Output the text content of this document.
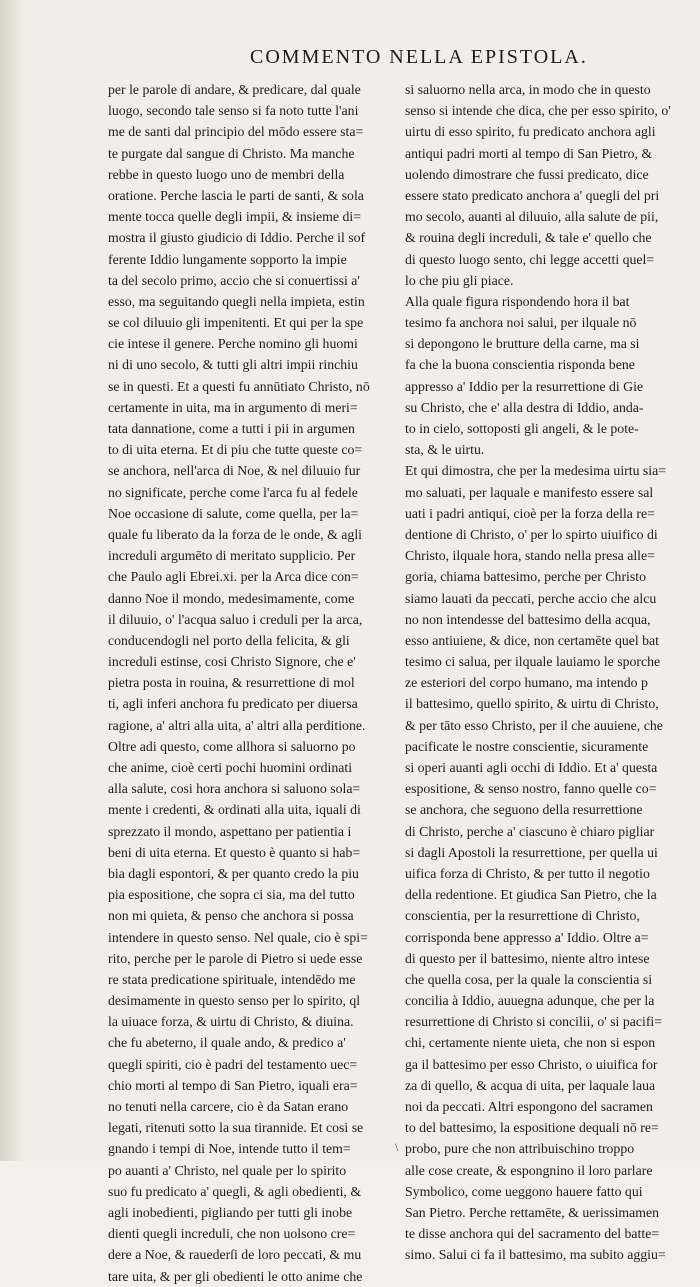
COMMENTO NELLA EPISTOLA.
per le parole di andare, & predicare, dal quale
luogo, secondo tale senso si fa noto tutte l'ani
me de santi dal principio del mōdo essere sta=
te purgate dal sangue di Christo. Ma manche
rebbe in questo luogo uno de membri della
oratione. Perche lascia le parti de santi, & sola
mente tocca quelle degli impii, & insieme di=
mostra il giusto giudicio di Iddio. Perche il sof
ferente Iddio lungamente sopporto la impie
ta del secolo primo, accio che si conuertissi a'
esso, ma seguitando quegli nella impieta, estin
se col diluuio gli impenitenti. Et qui per la spe
cie intese il genere. Perche nomino gli huomi
ni di uno secolo, & tutti gli altri impii rinchiu
se in questi. Et a questi fu annūtiato Christo, nō
certamente in uita, ma in argumento di meri=
tata dannatione, come a tutti i pii in argumen
to di uita eterna. Et di piu che tutte queste co=
se anchora, nell'arca di Noe, & nel diluuio fur
no significate, perche come l'arca fu al fedele
Noe occasione di salute, come quella, per la=
quale fu liberato da la forza de le onde, & agli
increduli argumēto di meritato supplicio. Per
che Paulo agli Ebrei.xi. per la Arca dice con=
danno Noe il mondo, medesimamente, come
il diluuio, o' l'acqua saluo i creduli per la arca,
conducendogli nel porto della felicita, & gli
increduli estinse, cosi Christo Signore, che e'
pietra posta in rouina, & resurrettione di mol
ti, agli inferi anchora fu predicato per diuersa
ragione, a' altri alla uita, a' altri alla perditione.
Oltre adi questo, come allhora si saluorno po
che anime, cioè certi pochi huomini ordinati
alla salute, cosi hora anchora si saluono sola=
mente i credenti, & ordinati alla uita, iquali di
sprezzato il mondo, aspettano per patientia i
beni di uita eterna. Et questo è quanto si hab=
bia dagli espontori, & per quanto credo la piu
pia espositione, che sopra ci sia, ma del tutto
non mi quieta, & penso che anchora si possa
intendere in questo senso. Nel quale, cio è spi=
rito, perche per le parole di Pietro si uede esse
re stata predicatione spirituale, intendēdo me
desimamente in questo senso per lo spirito, ql
la uiuace forza, & uirtu di Christo, & diuina.
che fu abeterno, il quale ando, & predico a'
quegli spiriti, cio è padri del testamento uec=
chio morti al tempo di San Pietro, iquali era=
no tenuti nella carcere, cio è da Satan erano
legati, ritenuti sotto la sua tirannide. Et cosi se
gnando i tempi di Noe, intende tutto il tem=
po auanti a' Christo, nel quale per lo spirito
suo fu predicato a' quegli, & agli obedienti, &
agli inobedienti, pigliando per tutti gli inobe
dienti quegli increduli, che non uolsono cre=
dere a Noe, & rauederſi de loro peccati, & mu
tare uita, & per gli obedienti le otto anime che
si saluorno nella arca, in modo che in questo
senso si intende che dica, che per esso spirito, o'
uirtu di esso spirito, fu predicato anchora agli
antiqui padri morti al tempo di San Pietro, &
uolendo dimostrare che fussi predicato, dice
essere stato predicato anchora a' quegli del pri
mo secolo, auanti al diluuio, alla salute de pii,
& rouina degli increduli, & tale e' quello che
di questo luogo sento, chi legge accetti quel=
lo che piu gli piace.
Alla quale figura rispondendo hora il bat
tesimo fa anchora noi salui, per ilquale nō
si depongono le brutture della carne, ma si
fa che la buona conscientia risponda bene
appresso a' Iddio per la resurrettione di Gie
su Christo, che e' alla destra di Iddio, anda-
to in cielo, sottoposti gli angeli, & le pote-
sta, & le uirtu.
Et qui dimostra, che per la medesima uirtu sia=
mo saluati, per laquale e manifesto essere sal
uati i padri antiqui, cioè per la forza della re=
dentione di Christo, o' per lo spirto uiuifico di
Christo, ilquale hora, stando nella presa alle=
goria, chiama battesimo, perche per Christo
siamo lauati da peccati, perche accio che alcu
no non intendesse del battesimo della acqua,
esso antiuiene, & dice, non certamēte quel bat
tesimo ci salua, per ilquale lauiamo le sporche
ze esteriori del corpo humano, ma intendo p
il battesimo, quello spirito, & uirtu di Christo,
& per tāto esso Christo, per il che auuiene, che
pacificate le nostre conscientie, sicuramente
si operi auanti agli occhi di Iddio. Et a' questa
espositione, & senso nostro, fanno quelle co=
se anchora, che seguono della resurrettione
di Christo, perche a' ciascuno è chiaro pigliar
si dagli Apostoli la resurrettione, per quella ui
uifica forza di Christo, & per tutto il negotio
della redentione. Et giudica San Pietro, che la
conscientia, per la resurrettione di Christo,
corrisponda bene appresso a' Iddio. Oltre a=
di questo per il battesimo, niente altro intese
che quella cosa, per la quale la conscientia si
concilia à Iddio, auuegna adunque, che per la
resurrettione di Christo si concilii, o' si pacifi=
chi, certamente niente uieta, che non si espon
ga il battesimo per esso Christo, o uiuifica for
za di quello, & acqua di uita, per laquale laua
noi da peccati. Altri espongono del sacramen
to del battesimo, la espositione dequali nō re=
probo, pure che non attribuischino troppo
alle cose create, & espongnino il loro parlare
Symbolico, come ueggono hauere fatto qui
San Pietro. Perche rettamēte, & uerissimamen
te disse anchora qui del sacramento del batte=
simo. Salui ci fa il battesimo, ma subito aggiu=
\
